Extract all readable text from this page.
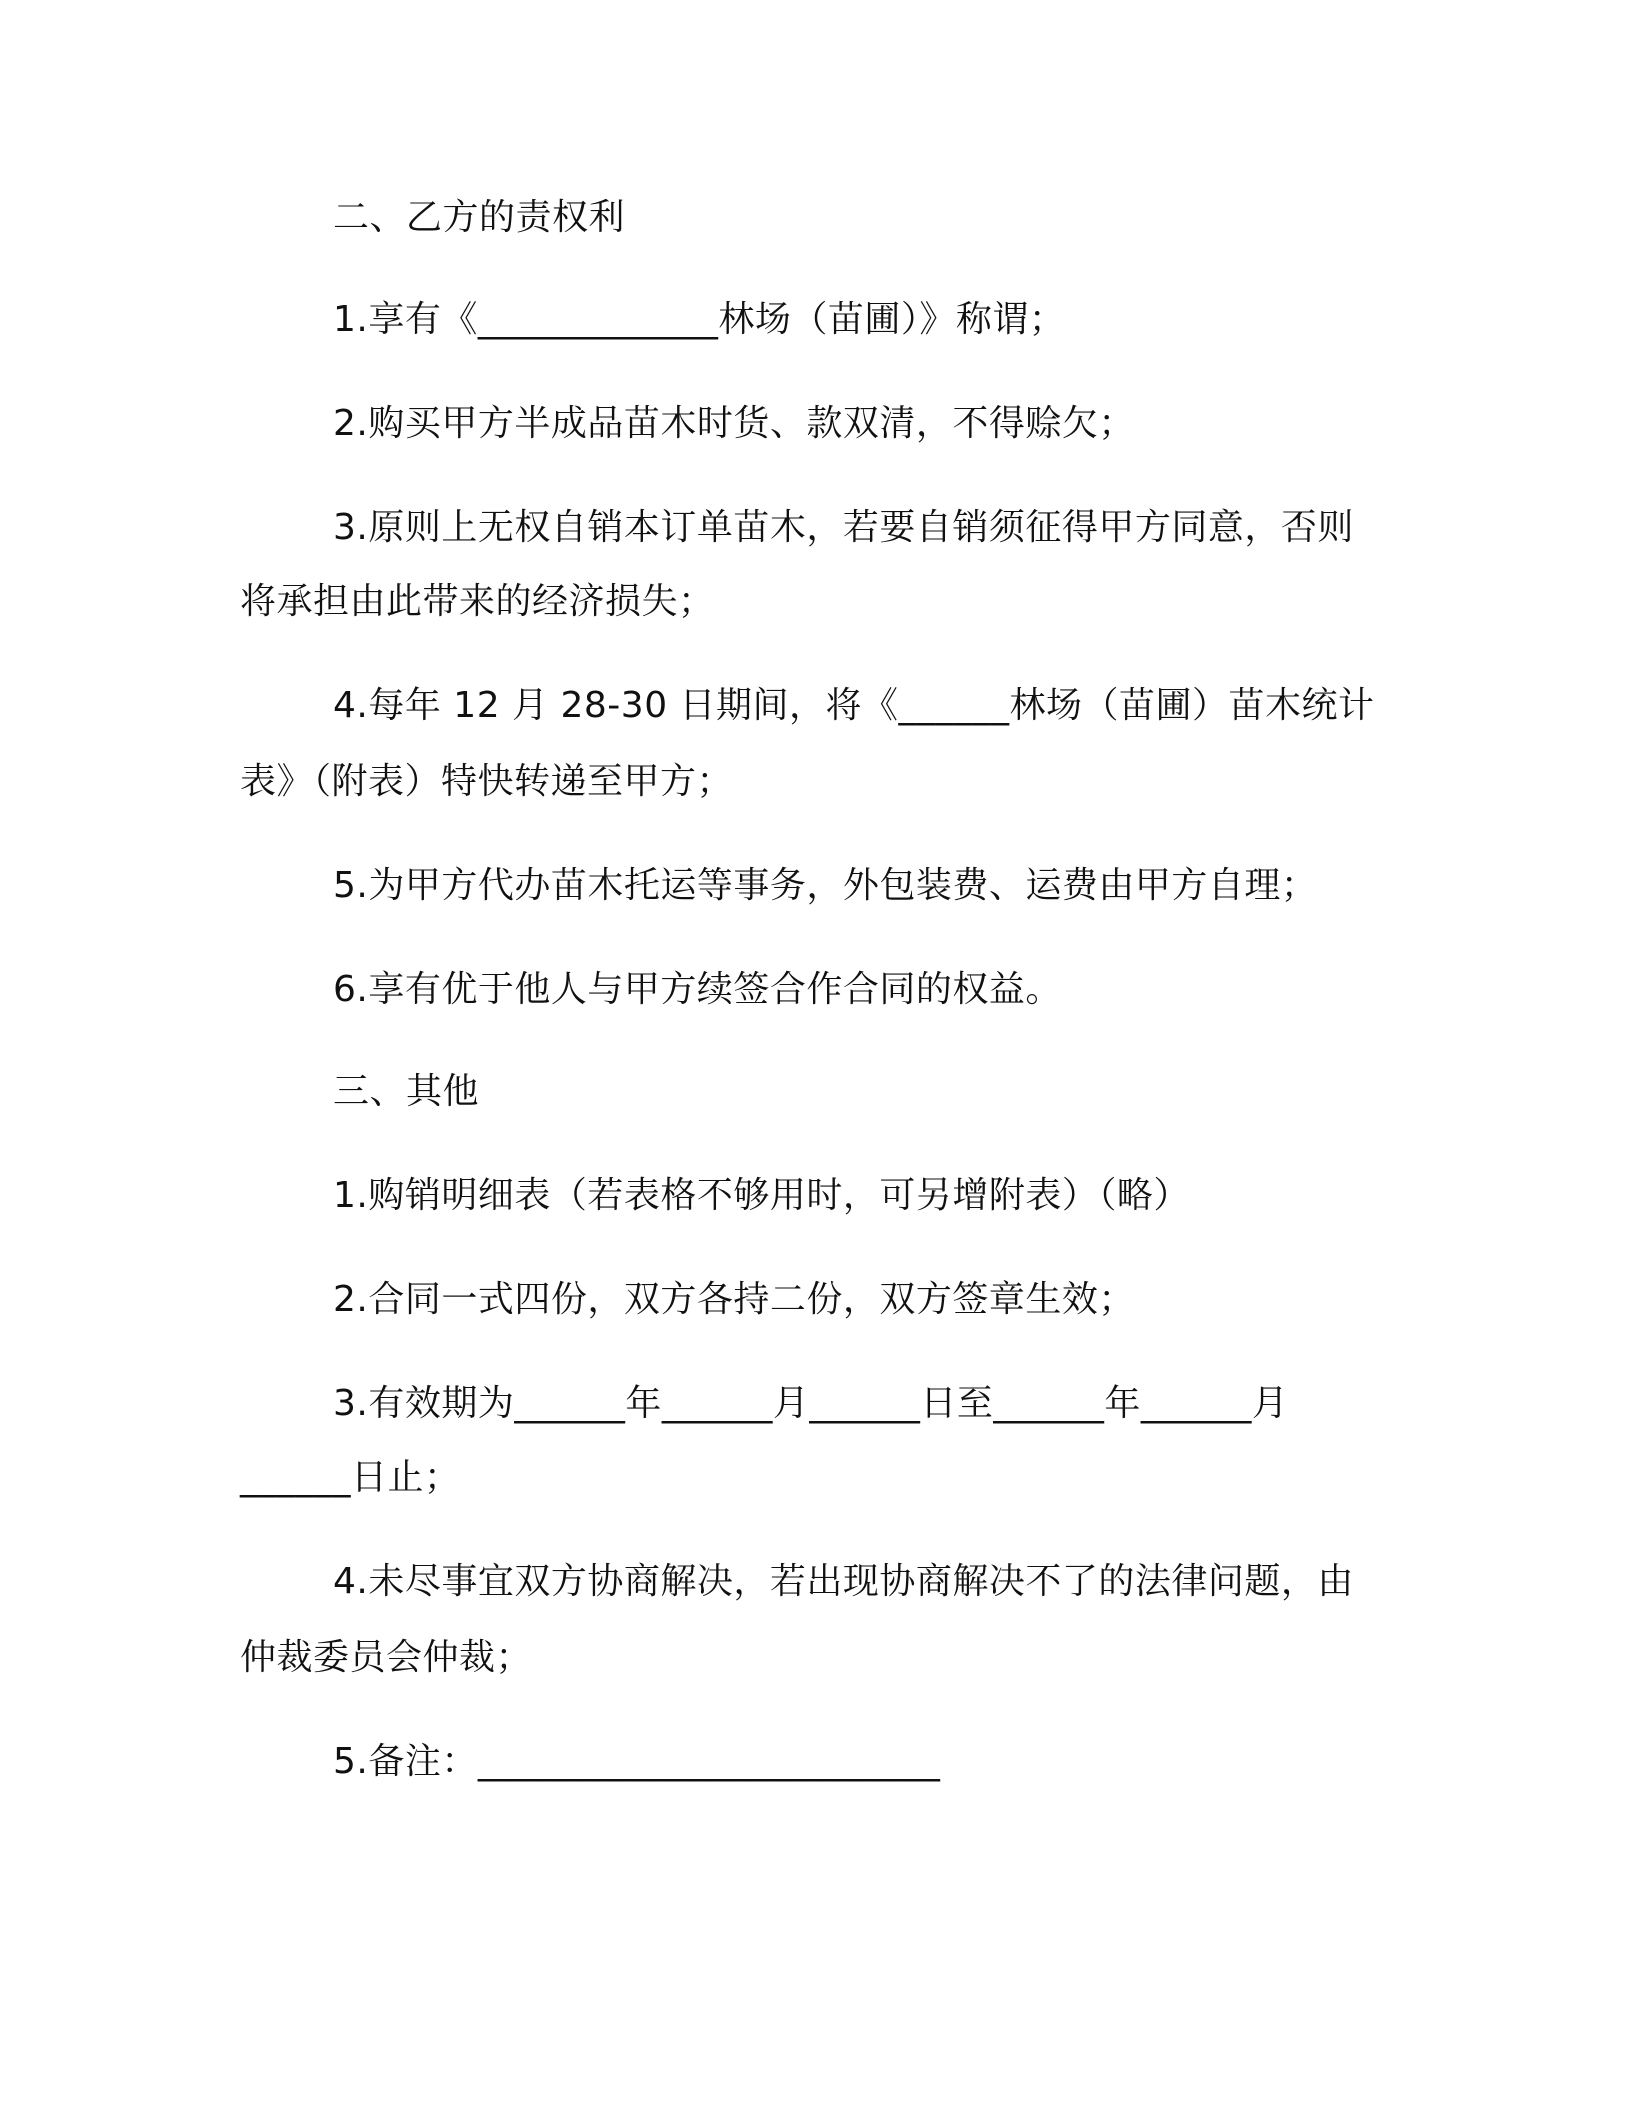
二、乙方的责权利
1.享有《_____________林场（苗圃）》称谓；
2.购买甲方半成品苗木时货、款双清，不得赊欠；
3.原则上无权自销本订单苗木，若要自销须征得甲方同意，否则
将承担由此带来的经济损失；
4.每年 12 月 28-30 日期间，将《______林场（苗圃）苗木统计
表》（附表）特快转递至甲方；
5.为甲方代办苗木托运等事务，外包装费、运费由甲方自理；
6.享有优于他人与甲方续签合作合同的权益。
三、其他
1.购销明细表（若表格不够用时，可另增附表）（略）
2.合同一式四份，双方各持二份，双方签章生效；
3.有效期为______年______月______日至______年______月
______日止；
4.未尽事宜双方协商解决，若出现协商解决不了的法律问题，由
仲裁委员会仲裁；
5.备注：_________________________
